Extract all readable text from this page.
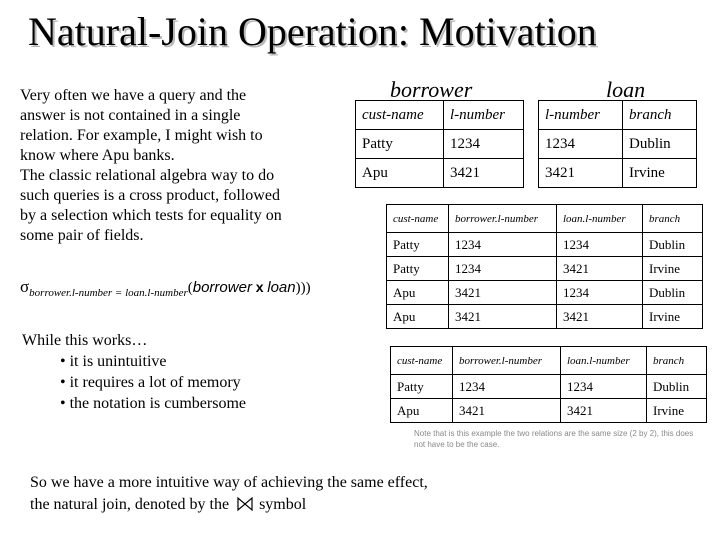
Natural-Join Operation: Motivation
Very often we have a query and the
answer is not contained in a single
relation. For example, I might wish to
know where Apu banks.
The classic relational algebra way to do
such queries is a cross product, followed
by a selection which tests for equality on
some pair of fields.
$\sigma_{borrower.l-number = loan.l-number}(borrower$ x loan)))
While this works…
• it is unintuitive
• it requires a lot of memory
• the notation is cumbersome
So we have a more intuitive way of achieving the same effect,
the natural join, denoted by the symbol
borrower	loan
cust-name	l-number
Patty	1234
Apu	3421
l-number	branch
1234	Dublin
3421	Irvine
cust-name	borrower.l-number	loan.l-number	branch
Patty	1234	1234	Dublin
Patty	1234	3421	Irvine
Apu	3421	1234	Dublin
Apu	3421	3421	Irvine
cust-name	borrower.l-number	loan.l-number	branch
Patty	1234	1234	Dublin
Apu	3421	3421	Irvine
Note that is this example the two relations are the same size (2 by 2), this does not have to be the case.
